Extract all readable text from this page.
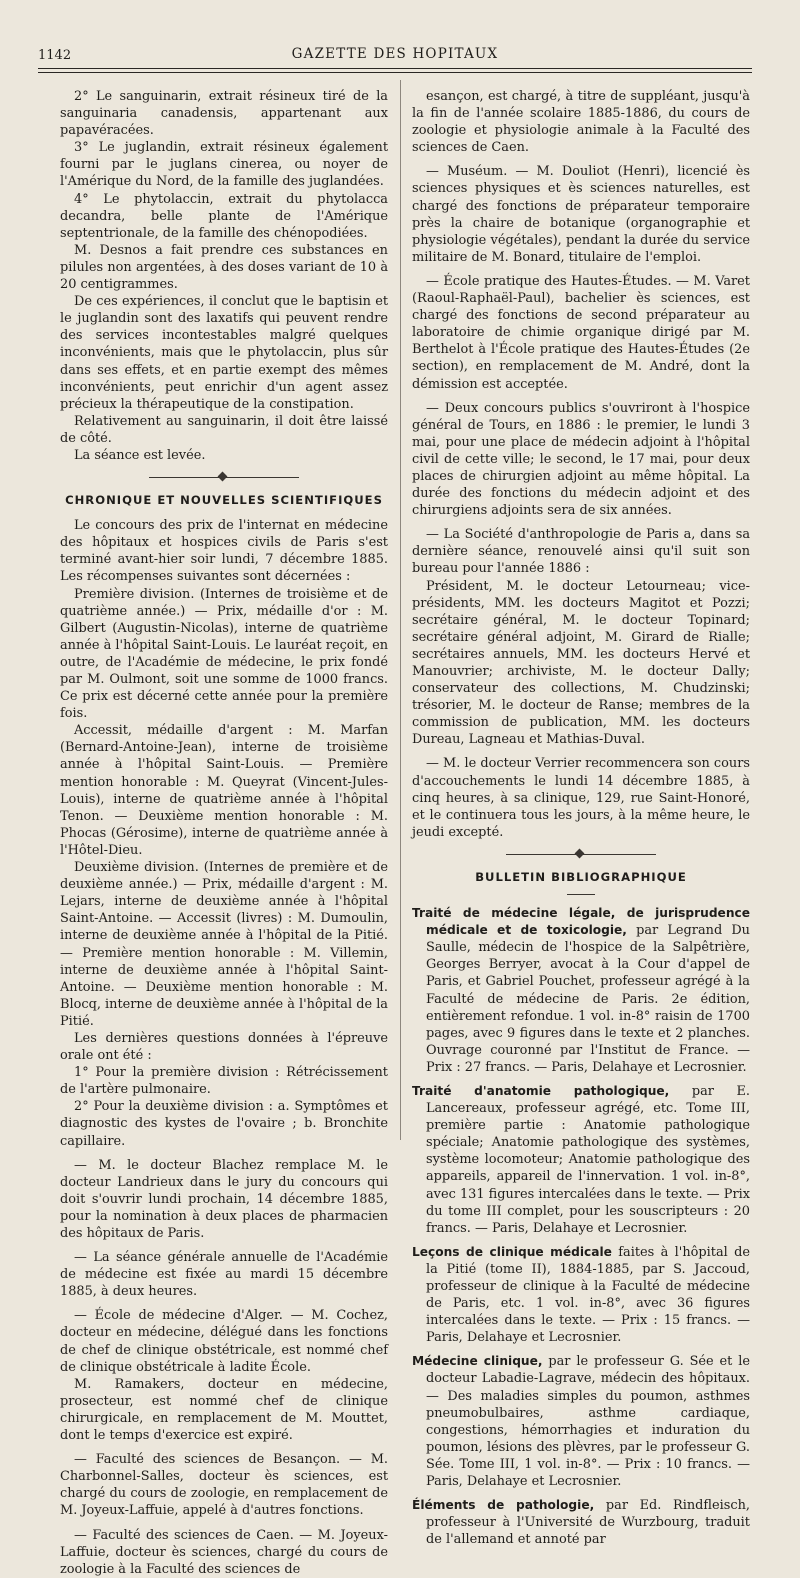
1142	GAZETTE DES HOPITAUX

2° Le sanguinarin, extrait résineux tiré de la sanguinaria canadensis, appartenant aux papavéracées.

3° Le juglandin, extrait résineux également fourni par le juglans cinerea, ou noyer de l'Amérique du Nord, de la famille des juglandées.

4° Le phytolaccin, extrait du phytolacca decandra, belle plante de l'Amérique septentrionale, de la famille des chénopodiées.

M. Desnos a fait prendre ces substances en pilules non argentées, à des doses variant de 10 à 20 centigrammes.

De ces expériences, il conclut que le baptisin et le juglandin sont des laxatifs qui peuvent rendre des services incontestables malgré quelques inconvénients, mais que le phytolaccin, plus sûr dans ses effets, et en partie exempt des mêmes inconvénients, peut enrichir d'un agent assez précieux la thérapeutique de la constipation.

Relativement au sanguinarin, il doit être laissé de côté.

La séance est levée.

CHRONIQUE ET NOUVELLES SCIENTIFIQUES

Le concours des prix de l'internat en médecine des hôpitaux et hospices civils de Paris s'est terminé avant-hier soir lundi, 7 décembre 1885. Les récompenses suivantes sont décernées :

Première division. (Internes de troisième et de quatrième année.) — Prix, médaille d'or : M. Gilbert (Augustin-Nicolas), interne de quatrième année à l'hôpital Saint-Louis. Le lauréat reçoit, en outre, de l'Académie de médecine, le prix fondé par M. Oulmont, soit une somme de 1000 francs. Ce prix est décerné cette année pour la première fois.

Accessit, médaille d'argent : M. Marfan (Bernard-Antoine-Jean), interne de troisième année à l'hôpital Saint-Louis. — Première mention honorable : M. Queyrat (Vincent-Jules-Louis), interne de quatrième année à l'hôpital Tenon. — Deuxième mention honorable : M. Phocas (Gérosime), interne de quatrième année à l'Hôtel-Dieu.

Deuxième division. (Internes de première et de deuxième année.) — Prix, médaille d'argent : M. Lejars, interne de deuxième année à l'hôpital Saint-Antoine. — Accessit (livres) : M. Dumoulin, interne de deuxième année à l'hôpital de la Pitié. — Première mention honorable : M. Villemin, interne de deuxième année à l'hôpital Saint-Antoine. — Deuxième mention honorable : M. Blocq, interne de deuxième année à l'hôpital de la Pitié.

Les dernières questions données à l'épreuve orale ont été :

1° Pour la première division : Rétrécissement de l'artère pulmonaire.

2° Pour la deuxième division : a. Symptômes et diagnostic des kystes de l'ovaire ; b. Bronchite capillaire.

— M. le docteur Blachez remplace M. le docteur Landrieux dans le jury du concours qui doit s'ouvrir lundi prochain, 14 décembre 1885, pour la nomination à deux places de pharmacien des hôpitaux de Paris.

— La séance générale annuelle de l'Académie de médecine est fixée au mardi 15 décembre 1885, à deux heures.

— École de médecine d'Alger. — M. Cochez, docteur en médecine, délégué dans les fonctions de chef de clinique obstétricale, est nommé chef de clinique obstétricale à ladite École.

M. Ramakers, docteur en médecine, prosecteur, est nommé chef de clinique chirurgicale, en remplacement de M. Mouttet, dont le temps d'exercice est expiré.

— Faculté des sciences de Besançon. — M. Charbonnel-Salles, docteur ès sciences, est chargé du cours de zoologie, en remplacement de M. Joyeux-Laffuie, appelé à d'autres fonctions.

— Faculté des sciences de Caen. — M. Joyeux-Laffuie, docteur ès sciences, chargé du cours de zoologie à la Faculté des sciences de

esançon, est chargé, à titre de suppléant, jusqu'à la fin de l'année scolaire 1885-1886, du cours de zoologie et physiologie animale à la Faculté des sciences de Caen.

— Muséum. — M. Douliot (Henri), licencié ès sciences physiques et ès sciences naturelles, est chargé des fonctions de préparateur temporaire près la chaire de botanique (organographie et physiologie végétales), pendant la durée du service militaire de M. Bonard, titulaire de l'emploi.

— École pratique des Hautes-Études. — M. Varet (Raoul-Raphaël-Paul), bachelier ès sciences, est chargé des fonctions de second préparateur au laboratoire de chimie organique dirigé par M. Berthelot à l'École pratique des Hautes-Études (2e section), en remplacement de M. André, dont la démission est acceptée.

— Deux concours publics s'ouvriront à l'hospice général de Tours, en 1886 : le premier, le lundi 3 mai, pour une place de médecin adjoint à l'hôpital civil de cette ville; le second, le 17 mai, pour deux places de chirurgien adjoint au même hôpital. La durée des fonctions du médecin adjoint et des chirurgiens adjoints sera de six années.

— La Société d'anthropologie de Paris a, dans sa dernière séance, renouvelé ainsi qu'il suit son bureau pour l'année 1886 :

Président, M. le docteur Letourneau; vice-présidents, MM. les docteurs Magitot et Pozzi; secrétaire général, M. le docteur Topinard; secrétaire général adjoint, M. Girard de Rialle; secrétaires annuels, MM. les docteurs Hervé et Manouvrier; archiviste, M. le docteur Dally; conservateur des collections, M. Chudzinski; trésorier, M. le docteur de Ranse; membres de la commission de publication, MM. les docteurs Dureau, Lagneau et Mathias-Duval.

— M. le docteur Verrier recommencera son cours d'accouchements le lundi 14 décembre 1885, à cinq heures, à sa clinique, 129, rue Saint-Honoré, et le continuera tous les jours, à la même heure, le jeudi excepté.

BULLETIN BIBLIOGRAPHIQUE

Traité de médecine légale, de jurisprudence médicale et de toxicologie, par Legrand Du Saulle, médecin de l'hospice de la Salpêtrière, Georges Berryer, avocat à la Cour d'appel de Paris, et Gabriel Pouchet, professeur agrégé à la Faculté de médecine de Paris. 2e édition, entièrement refondue. 1 vol. in-8° raisin de 1700 pages, avec 9 figures dans le texte et 2 planches. Ouvrage couronné par l'Institut de France. — Prix : 27 francs. — Paris, Delahaye et Lecrosnier.

Traité d'anatomie pathologique, par E. Lancereaux, professeur agrégé, etc. Tome III, première partie : Anatomie pathologique spéciale; Anatomie pathologique des systèmes, système locomoteur; Anatomie pathologique des appareils, appareil de l'innervation. 1 vol. in-8°, avec 131 figures intercalées dans le texte. — Prix du tome III complet, pour les souscripteurs : 20 francs. — Paris, Delahaye et Lecrosnier.

Leçons de clinique médicale faites à l'hôpital de la Pitié (tome II), 1884-1885, par S. Jaccoud, professeur de clinique à la Faculté de médecine de Paris, etc. 1 vol. in-8°, avec 36 figures intercalées dans le texte. — Prix : 15 francs. — Paris, Delahaye et Lecrosnier.

Médecine clinique, par le professeur G. Sée et le docteur Labadie-Lagrave, médecin des hôpitaux. — Des maladies simples du poumon, asthmes pneumobulbaires, asthme cardiaque, congestions, hémorrhagies et induration du poumon, lésions des plèvres, par le professeur G. Sée. Tome III, 1 vol. in-8°. — Prix : 10 francs. — Paris, Delahaye et Lecrosnier.

Éléments de pathologie, par Ed. Rindfleisch, professeur à l'Université de Wurzbourg, traduit de l'allemand et annoté par
